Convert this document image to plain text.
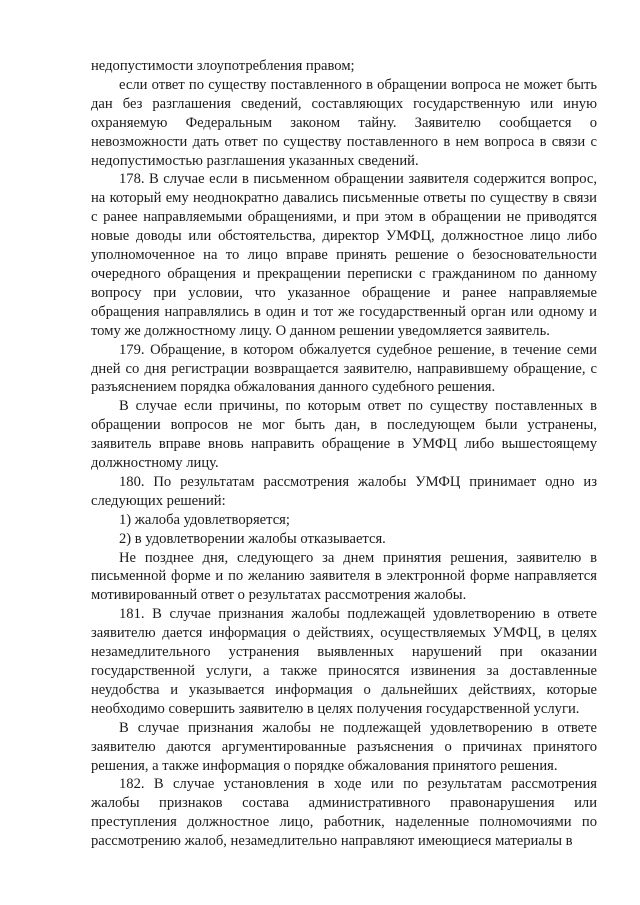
недопустимости злоупотребления правом;

если ответ по существу поставленного в обращении вопроса не может быть дан без разглашения сведений, составляющих государственную или иную охраняемую Федеральным законом тайну. Заявителю сообщается о невозможности дать ответ по существу поставленного в нем вопроса в связи с недопустимостью разглашения указанных сведений.

178. В случае если в письменном обращении заявителя содержится вопрос, на который ему неоднократно давались письменные ответы по существу в связи с ранее направляемыми обращениями, и при этом в обращении не приводятся новые доводы или обстоятельства, директор УМФЦ, должностное лицо либо уполномоченное на то лицо вправе принять решение о безосновательности очередного обращения и прекращении переписки с гражданином по данному вопросу при условии, что указанное обращение и ранее направляемые обращения направлялись в один и тот же государственный орган или одному и тому же должностному лицу. О данном решении уведомляется заявитель.

179. Обращение, в котором обжалуется судебное решение, в течение семи дней со дня регистрации возвращается заявителю, направившему обращение, с разъяснением порядка обжалования данного судебного решения.

В случае если причины, по которым ответ по существу поставленных в обращении вопросов не мог быть дан, в последующем были устранены, заявитель вправе вновь направить обращение в УМФЦ либо вышестоящему должностному лицу.

180. По результатам рассмотрения жалобы УМФЦ принимает одно из следующих решений:

1) жалоба удовлетворяется;

2) в удовлетворении жалобы отказывается.

Не позднее дня, следующего за днем принятия решения, заявителю в письменной форме и по желанию заявителя в электронной форме направляется мотивированный ответ о результатах рассмотрения жалобы.

181. В случае признания жалобы подлежащей удовлетворению в ответе заявителю дается информация о действиях, осуществляемых УМФЦ, в целях незамедлительного устранения выявленных нарушений при оказании государственной услуги, а также приносятся извинения за доставленные неудобства и указывается информация о дальнейших действиях, которые необходимо совершить заявителю в целях получения государственной услуги.

В случае признания жалобы не подлежащей удовлетворению в ответе заявителю даются аргументированные разъяснения о причинах принятого решения, а также информация о порядке обжалования принятого решения.

182. В случае установления в ходе или по результатам рассмотрения жалобы признаков состава административного правонарушения или преступления должностное лицо, работник, наделенные полномочиями по рассмотрению жалоб, незамедлительно направляют имеющиеся материалы в
